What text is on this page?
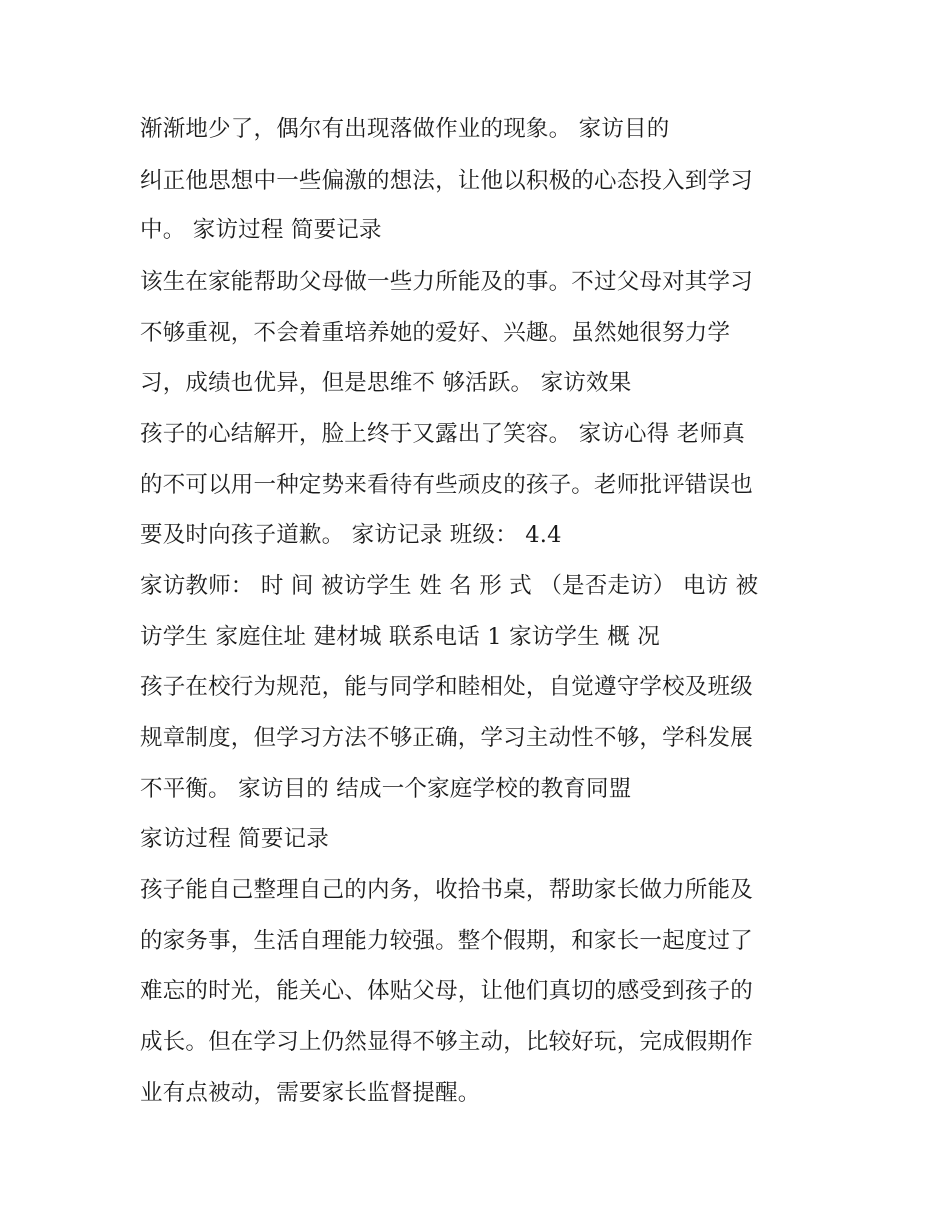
渐渐地少了，偶尔有出现落做作业的现象。 家访目的
纠正他思想中一些偏激的想法，让他以积极的心态投入到学习
中。 家访过程 简要记录
该生在家能帮助父母做一些力所能及的事。不过父母对其学习
不够重视，不会着重培养她的爱好、兴趣。虽然她很努力学
习，成绩也优异，但是思维不 够活跃。 家访效果
孩子的心结解开，脸上终于又露出了笑容。 家访心得 老师真
的不可以用一种定势来看待有些顽皮的孩子。老师批评错误也
要及时向孩子道歉。 家访记录 班级： 4.4
家访教师： 时 间 被访学生 姓 名 形 式 （是否走访） 电访 被
访学生 家庭住址 建材城 联系电话 1 家访学生 概 况
孩子在校行为规范，能与同学和睦相处，自觉遵守学校及班级
规章制度，但学习方法不够正确，学习主动性不够，学科发展
不平衡。 家访目的 结成一个家庭学校的教育同盟
家访过程 简要记录
孩子能自己整理自己的内务，收拾书桌，帮助家长做力所能及
的家务事，生活自理能力较强。整个假期，和家长一起度过了
难忘的时光，能关心、体贴父母，让他们真切的感受到孩子的
成长。但在学习上仍然显得不够主动，比较好玩，完成假期作
业有点被动，需要家长监督提醒。
